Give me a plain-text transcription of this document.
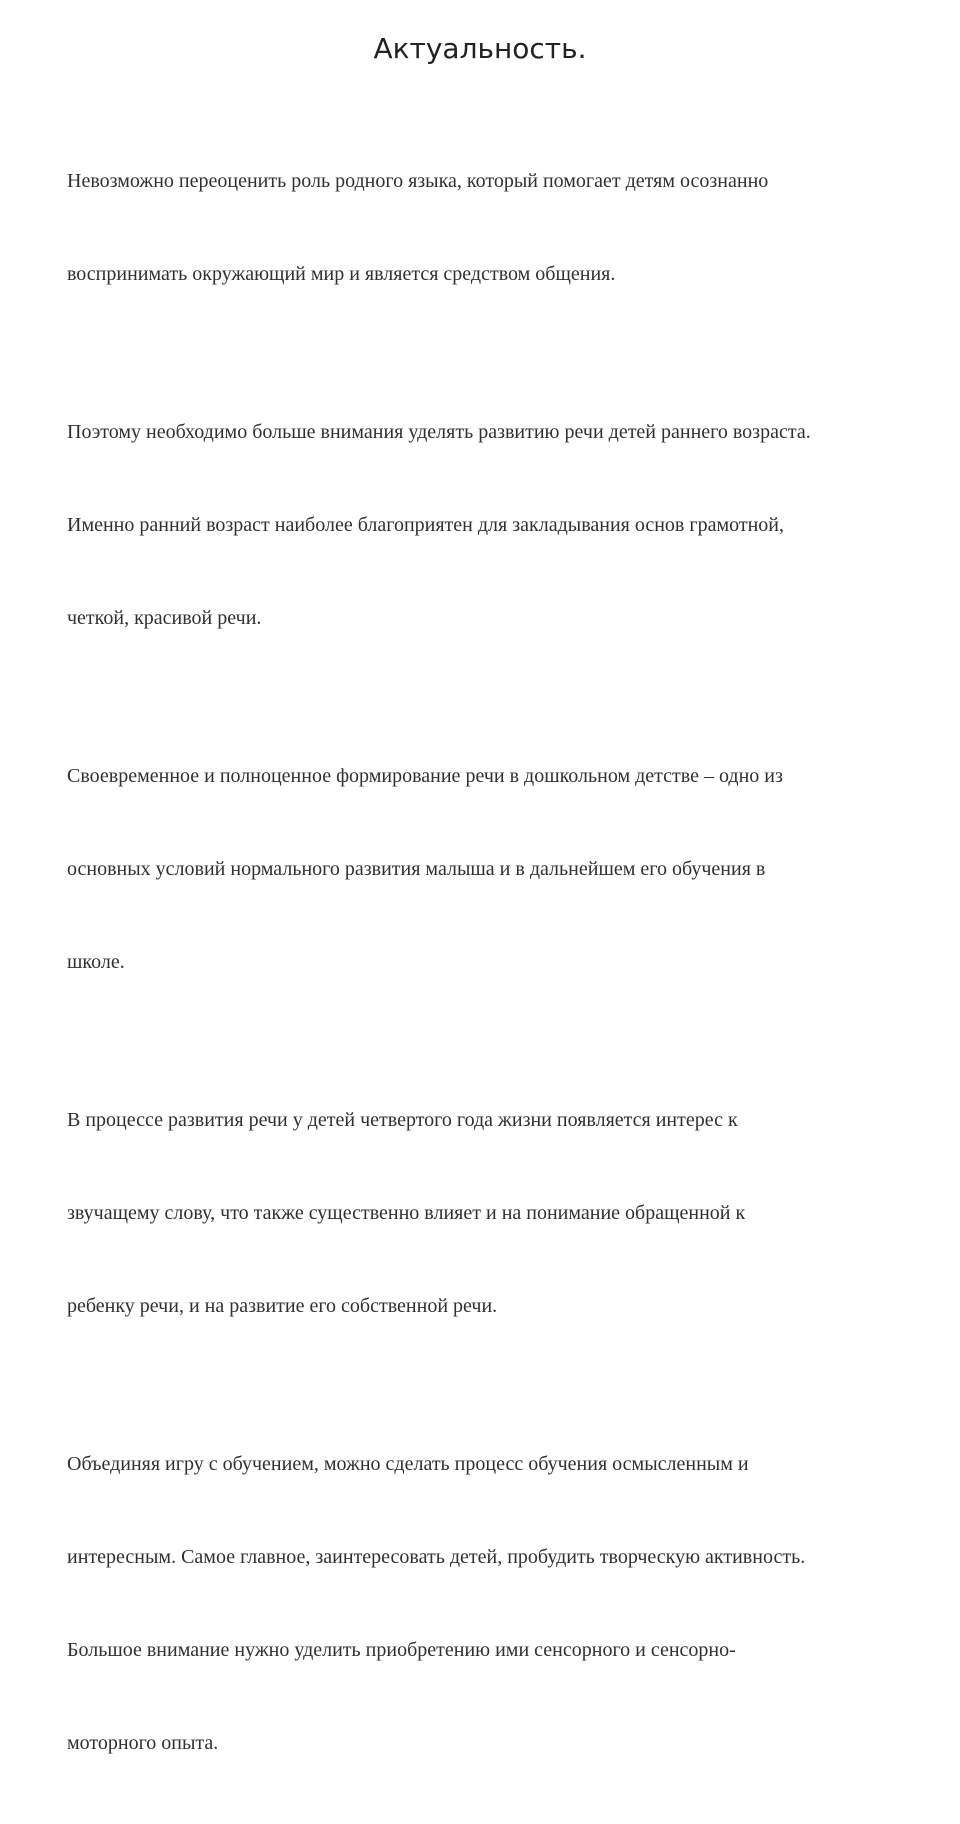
Актуальность.

Невозможно переоценить роль родного языка, который помогает детям осознанно

воспринимать окружающий мир и является средством общения.

Поэтому необходимо больше внимания уделять развитию речи детей раннего возраста.

Именно ранний возраст наиболее благоприятен для закладывания основ грамотной,

четкой, красивой речи.

Своевременное и полноценное формирование речи в дошкольном детстве – одно из

основных условий нормального развития малыша и в дальнейшем его обучения в

школе.

В процессе развития речи у детей четвертого года жизни появляется интерес к

звучащему слову, что также существенно влияет и на понимание обращенной к

ребенку речи, и на развитие его собственной речи.

Объединяя игру с обучением, можно сделать процесс обучения осмысленным и

интересным. Самое главное, заинтересовать детей, пробудить творческую активность.

Большое внимание нужно уделить приобретению ими сенсорного и сенсорно-

моторного опыта.
